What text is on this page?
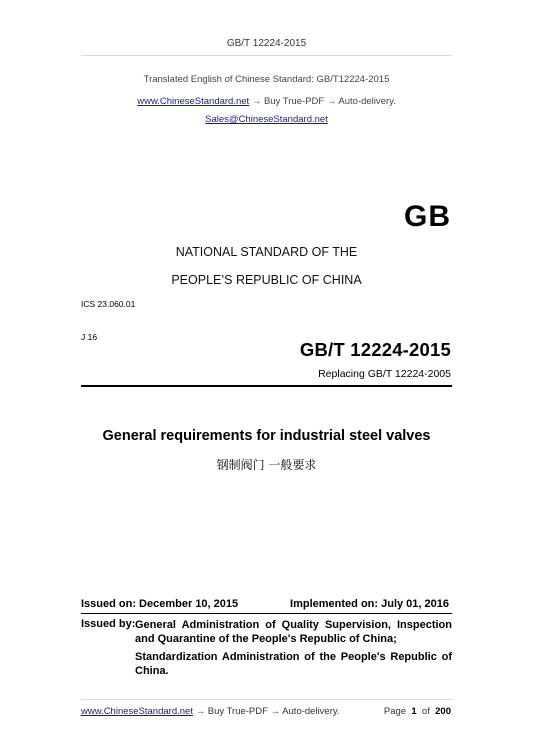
GB/T 12224-2015
Translated English of Chinese Standard: GB/T12224-2015
www.ChineseStandard.net → Buy True-PDF → Auto-delivery.
Sales@ChineseStandard.net
GB
NATIONAL STANDARD OF THE
PEOPLE’S REPUBLIC OF CHINA
ICS 23.060.01
J 16
GB/T 12224-2015
Replacing GB/T 12224-2005
General requirements for industrial steel valves
钢制阀门 一般要求
Issued on: December 10, 2015	Implemented on: July 01, 2016
Issued by: General Administration of Quality Supervision, Inspection and Quarantine of the People's Republic of China;
Standardization Administration of the People's Republic of China.
www.ChineseStandard.net → Buy True-PDF → Auto-delivery.	Page 1 of 200
